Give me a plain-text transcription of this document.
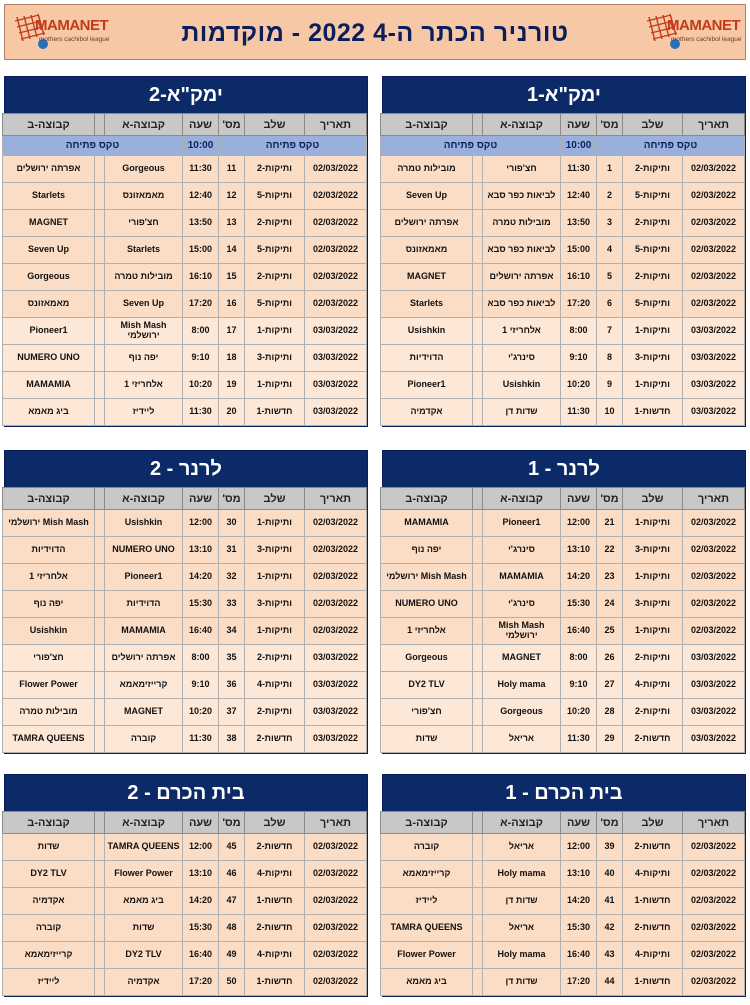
MAMANET
mothers cachibol league	טורניר הכתר ה-4 2022 - מוקדמות	MAMANET
mothers cachibol league
ימק"א-1
תאריך	שלב	מס'	שעה	קבוצה-א		קבוצה-ב
טקס פתיחה			10:00	טקס פתיחה		
02/03/2022	ותיקות-2	1	11:30	חצ'פורי		מובילות טמרה
02/03/2022	ותיקות-5	2	12:40	לביאות כפר סבא		Seven Up
02/03/2022	ותיקות-2	3	13:50	מובילות טמרה		אפרתה ירושלים
02/03/2022	ותיקות-5	4	15:00	לביאות כפר סבא		מאמאזונס
02/03/2022	ותיקות-2	5	16:10	אפרתה ירושלים		MAGNET
02/03/2022	ותיקות-5	6	17:20	לביאות כפר סבא		Starlets
03/03/2022	ותיקות-1	7	8:00	אלחריזי 1		Usishkin
03/03/2022	ותיקות-3	8	9:10	סינרג'י		הדוידיות
03/03/2022	ותיקות-1	9	10:20	Usishkin		Pioneer1
03/03/2022	חדשות-1	10	11:30	שדות דן		אקדמיה
ימק"א-2
תאריך	שלב	מס'	שעה	קבוצה-א		קבוצה-ב
טקס פתיחה			10:00	טקס פתיחה		
02/03/2022	ותיקות-2	11	11:30	Gorgeous		אפרתה ירושלים
02/03/2022	ותיקות-5	12	12:40	מאמאזונס		Starlets
02/03/2022	ותיקות-2	13	13:50	חצ'פורי		MAGNET
02/03/2022	ותיקות-5	14	15:00	Starlets		Seven Up
02/03/2022	ותיקות-2	15	16:10	מובילות טמרה		Gorgeous
02/03/2022	ותיקות-5	16	17:20	Seven Up		מאמאזונס
03/03/2022	ותיקות-1	17	8:00	Mish Mash ירושלמי		Pioneer1
03/03/2022	ותיקות-3	18	9:10	יפה נוף		NUMERO UNO
03/03/2022	ותיקות-1	19	10:20	אלחריזי 1		MAMAMIA
03/03/2022	חדשות-1	20	11:30	ליידיז		ביג מאמא
לרנר - 1
תאריך	שלב	מס'	שעה	קבוצה-א		קבוצה-ב
02/03/2022	ותיקות-1	21	12:00	Pioneer1		MAMAMIA
02/03/2022	ותיקות-3	22	13:10	סינרג'י		יפה נוף
02/03/2022	ותיקות-1	23	14:20	MAMAMIA		Mish Mash ירושלמי
02/03/2022	ותיקות-3	24	15:30	סינרג'י		NUMERO UNO
02/03/2022	ותיקות-1	25	16:40	Mish Mash ירושלמי		אלחריזי 1
03/03/2022	ותיקות-2	26	8:00	MAGNET		Gorgeous
03/03/2022	ותיקות-4	27	9:10	Holy mama		DY2 TLV
03/03/2022	ותיקות-2	28	10:20	Gorgeous		חצ'פורי
03/03/2022	חדשות-2	29	11:30	אריאל		שדות
לרנר - 2
תאריך	שלב	מס'	שעה	קבוצה-א		קבוצה-ב
02/03/2022	ותיקות-1	30	12:00	Usishkin		Mish Mash ירושלמי
02/03/2022	ותיקות-3	31	13:10	NUMERO UNO		הדוידיות
02/03/2022	ותיקות-1	32	14:20	Pioneer1		אלחריזי 1
02/03/2022	ותיקות-3	33	15:30	הדוידיות		יפה נוף
02/03/2022	ותיקות-1	34	16:40	MAMAMIA		Usishkin
03/03/2022	ותיקות-2	35	8:00	אפרתה ירושלים		חצ'פורי
03/03/2022	ותיקות-4	36	9:10	קרייזימאמא		Flower Power
03/03/2022	ותיקות-2	37	10:20	MAGNET		מובילות טמרה
03/03/2022	חדשות-2	38	11:30	קוברה		TAMRA QUEENS
בית הכרם - 1
תאריך	שלב	מס'	שעה	קבוצה-א		קבוצה-ב
02/03/2022	חדשות-2	39	12:00	אריאל		קוברה
02/03/2022	ותיקות-4	40	13:10	Holy mama		קרייזימאמא
02/03/2022	חדשות-1	41	14:20	שדות דן		ליידיז
02/03/2022	חדשות-2	42	15:30	אריאל		TAMRA QUEENS
02/03/2022	ותיקות-4	43	16:40	Holy mama		Flower Power
02/03/2022	חדשות-1	44	17:20	שדות דן		ביג מאמא
בית הכרם - 2
תאריך	שלב	מס'	שעה	קבוצה-א		קבוצה-ב
02/03/2022	חדשות-2	45	12:00	TAMRA QUEENS		שדות
02/03/2022	ותיקות-4	46	13:10	Flower Power		DY2 TLV
02/03/2022	חדשות-1	47	14:20	ביג מאמא		אקדמיה
02/03/2022	חדשות-2	48	15:30	שדות		קוברה
02/03/2022	ותיקות-4	49	16:40	DY2 TLV		קרייזימאמא
02/03/2022	חדשות-1	50	17:20	אקדמיה		ליידיז
